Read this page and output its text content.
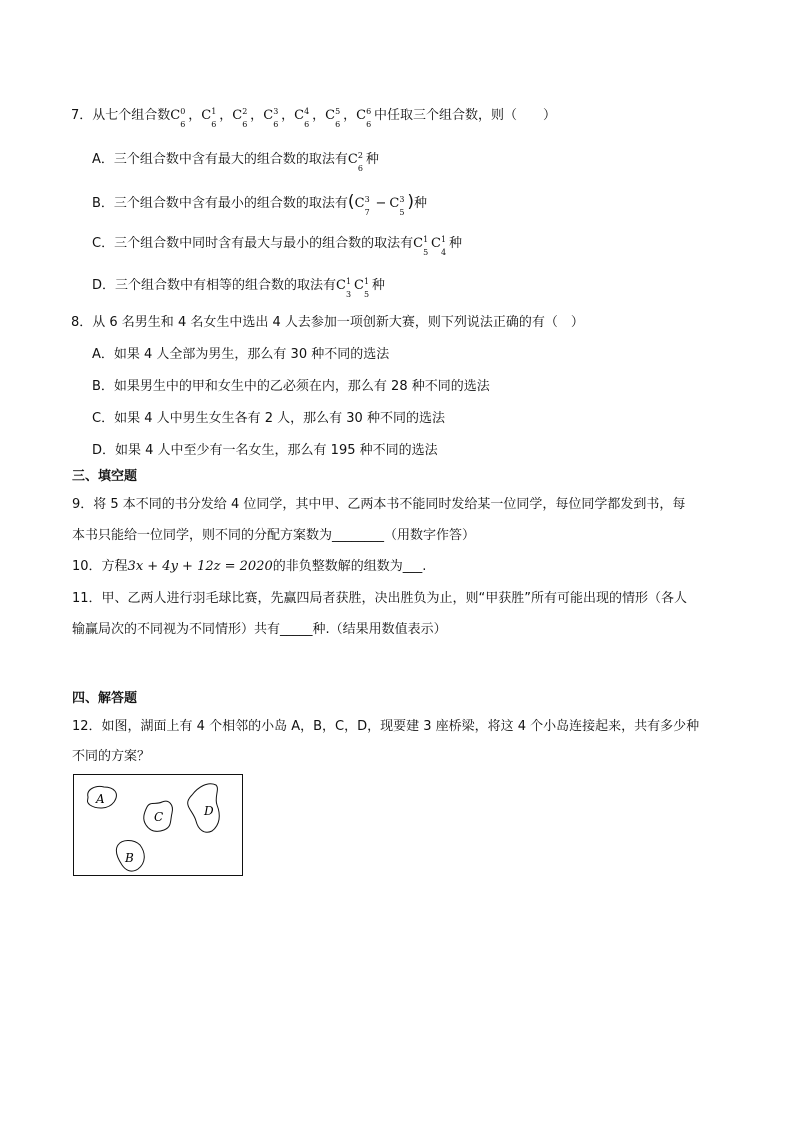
7．从七个组合数C 0
6
，C 1
6
，C 2
6
，C 3
6
，C 4
6
，C 5
6
，C 6
6
中任取三个组合数，则（　　）
A．三个组合数中含有最大的组合数的取法有C 2
6
种
B．三个组合数中含有最小的组合数的取法有(C 3
7
− C 3
5
)种
C．三个组合数中同时含有最大与最小的组合数的取法有C 1
5
C 1
4
种
D．三个组合数中有相等的组合数的取法有C 1
3
C 1
5
种
8．从 6 名男生和 4 名女生中选出 4 人去参加一项创新大赛，则下列说法正确的有（　）
A．如果 4 人全部为男生，那么有 30 种不同的选法
B．如果男生中的甲和女生中的乙必须在内，那么有 28 种不同的选法
C．如果 4 人中男生女生各有 2 人，那么有 30 种不同的选法
D．如果 4 人中至少有一名女生，那么有 195 种不同的选法
三、填空题
9．将 5 本不同的书分发给 4 位同学，其中甲、乙两本书不能同时发给某一位同学，每位同学都发到书，每
本书只能给一位同学，则不同的分配方案数为________（用数字作答）
10．方程3x + 4y + 12z = 2020的非负整数解的组数为___.
11．甲、乙两人进行羽毛球比赛，先赢四局者获胜，决出胜负为止，则“甲获胜”所有可能出现的情形（各人
输赢局次的不同视为不同情形）共有_____种.（结果用数值表示）
四、解答题
12．如图，湖面上有 4 个相邻的小岛 A，B，C，D，现要建 3 座桥梁，将这 4 个小岛连接起来，共有多少种
不同的方案？
A
C	D
B
